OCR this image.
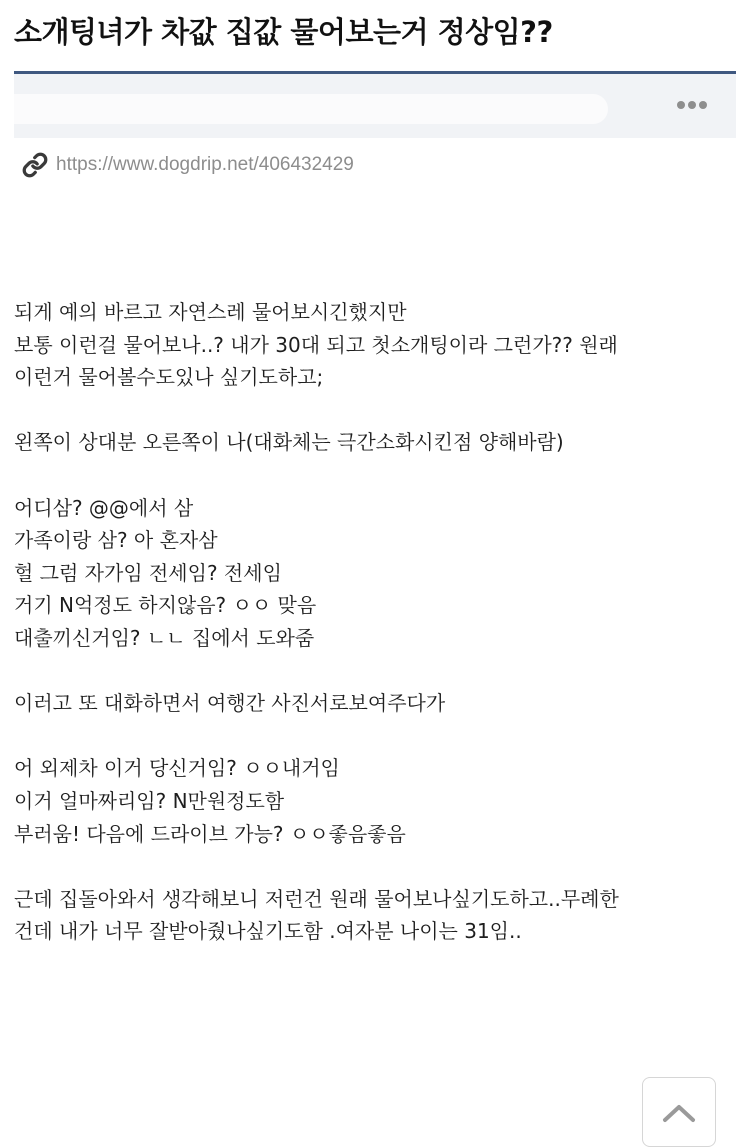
소개팅녀가 차값 집값 물어보는거 정상임??
https://www.dogdrip.net/406432429
되게 예의 바르고 자연스레 물어보시긴했지만
보통 이런걸 물어보나..? 내가 30대 되고 첫소개팅이라 그런가?? 원래
이런거 물어볼수도있나 싶기도하고;
왼쪽이 상대분 오른쪽이 나(대화체는 극간소화시킨점 양해바람)
어디삼? @@에서 삼
가족이랑 삼? 아 혼자삼
헐 그럼 자가임 전세임? 전세임
거기 N억정도 하지않음? ㅇㅇ 맞음
대출끼신거임? ㄴㄴ 집에서 도와줌
이러고 또 대화하면서 여행간 사진서로보여주다가
어 외제차 이거 당신거임? ㅇㅇ내거임
이거 얼마짜리임? N만원정도함
부러움! 다음에 드라이브 가능? ㅇㅇ좋음좋음
근데 집돌아와서 생각해보니 저런건 원래 물어보나싶기도하고..무례한
건데 내가 너무 잘받아줬나싶기도함 .여자분 나이는 31임..
